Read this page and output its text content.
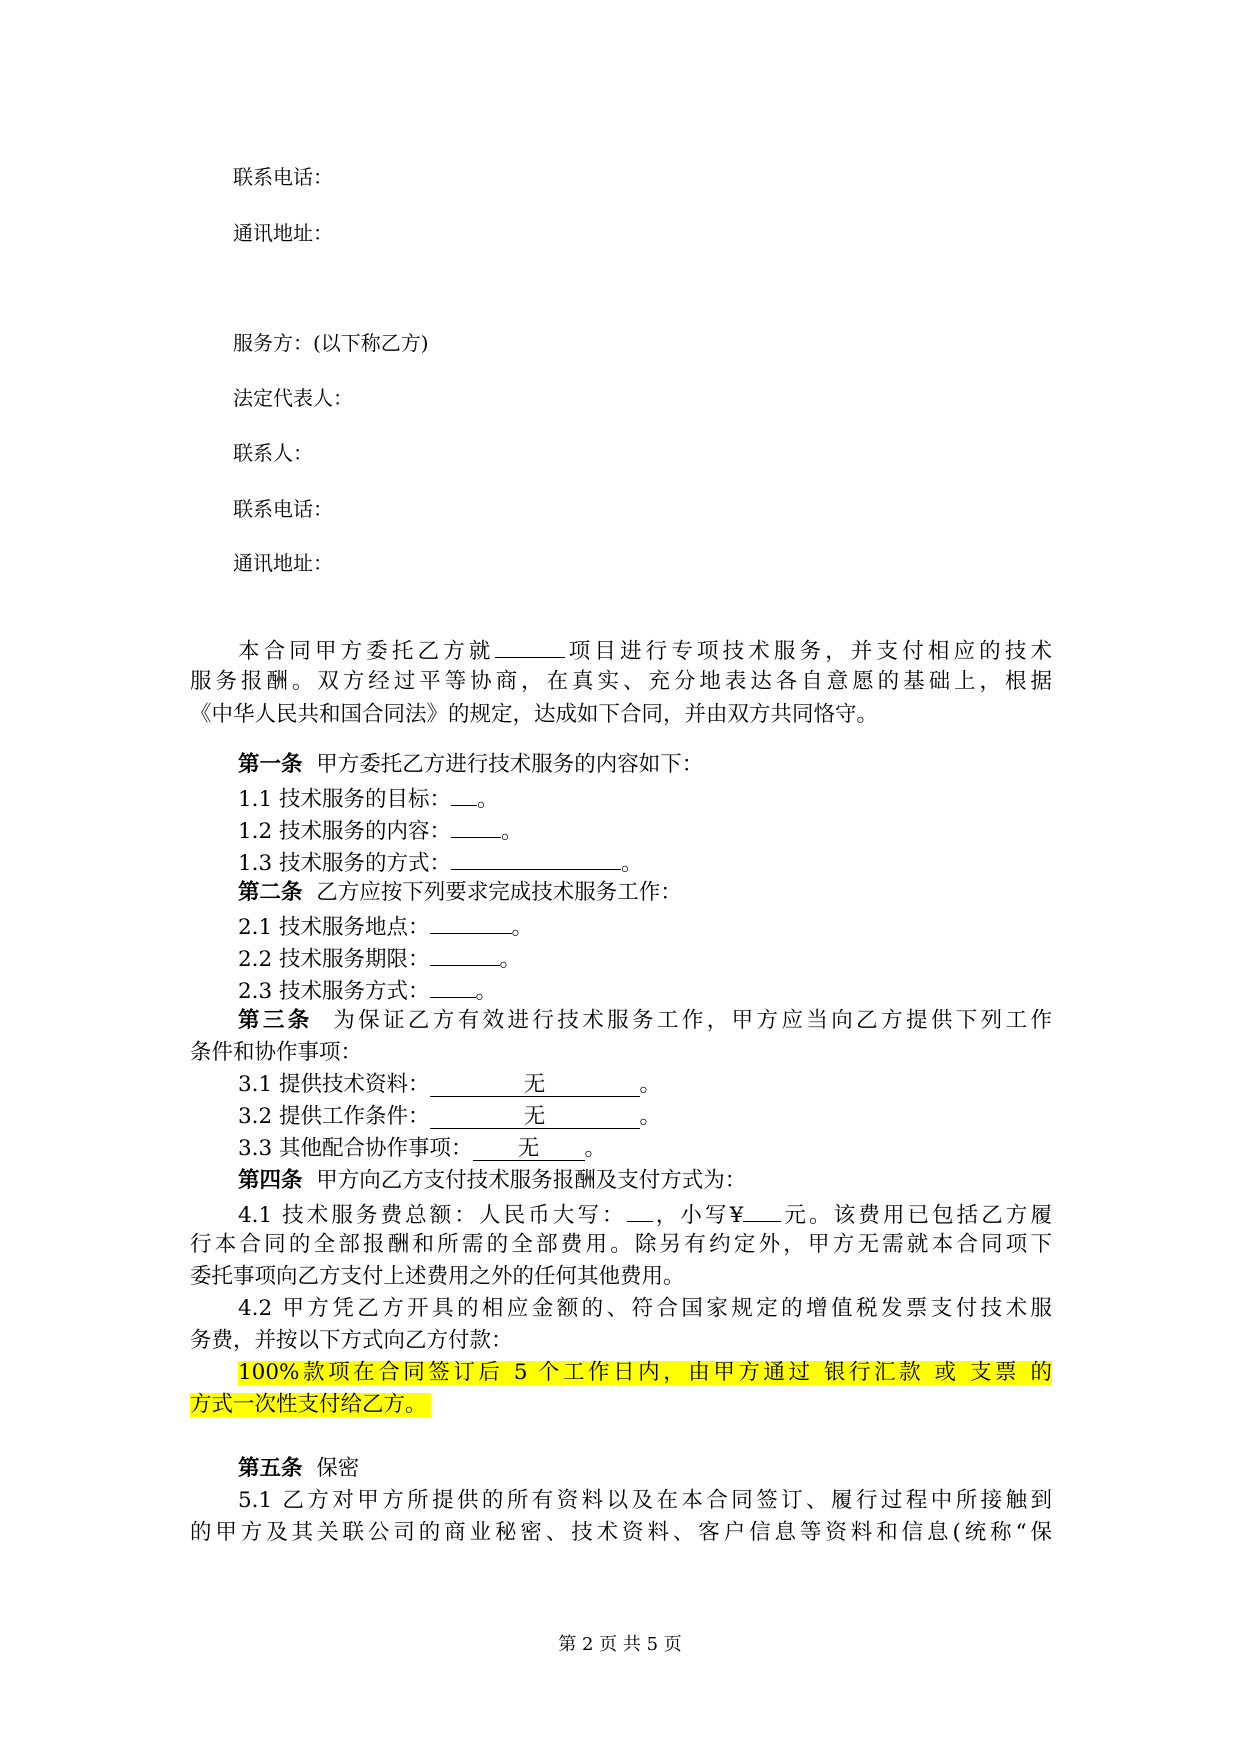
联系电话：
通讯地址：
服务方：(以下称乙方)
法定代表人：
联系人：
联系电话：
通讯地址：
本合同甲方委托乙方就	项目进行专项技术服务，并支付相应的技术
服务报酬。双方经过平等协商，在真实、充分地表达各自意愿的基础上，根据
《中华人民共和国合同法》的规定，达成如下合同，并由双方共同恪守。
第一条 甲方委托乙方进行技术服务的内容如下：
1.1 技术服务的目标： 。
1.2 技术服务的内容： 。
1.3 技术服务的方式：	。
第二条 乙方应按下列要求完成技术服务工作：
2.1 技术服务地点：	。
2.2 技术服务期限：	。
2.3 技术服务方式： 。
第三条 为保证乙方有效进行技术服务工作，甲方应当向乙方提供下列工作
条件和协作事项：
3.1 提供技术资料：	无	。
3.2 提供工作条件：	无	。
3.3 其他配合协作事项： 无 。
第四条 甲方向乙方支付技术服务报酬及支付方式为：
4.1 技术服务费总额：人民币大写： ，小写¥ 元。该费用已包括乙方履
行本合同的全部报酬和所需的全部费用。除另有约定外，甲方无需就本合同项下
委托事项向乙方支付上述费用之外的任何其他费用。
4.2 甲方凭乙方开具的相应金额的、符合国家规定的增值税发票支付技术服
务费，并按以下方式向乙方付款：
100%款项在合同签订后 5 个工作日内，由甲方通过 银行汇款 或 支票 的
方式一次性支付给乙方。
第五条 保密
5.1 乙方对甲方所提供的所有资料以及在本合同签订、履行过程中所接触到
的甲方及其关联公司的商业秘密、技术资料、客户信息等资料和信息(统称“保
第 2 页 共 5 页
